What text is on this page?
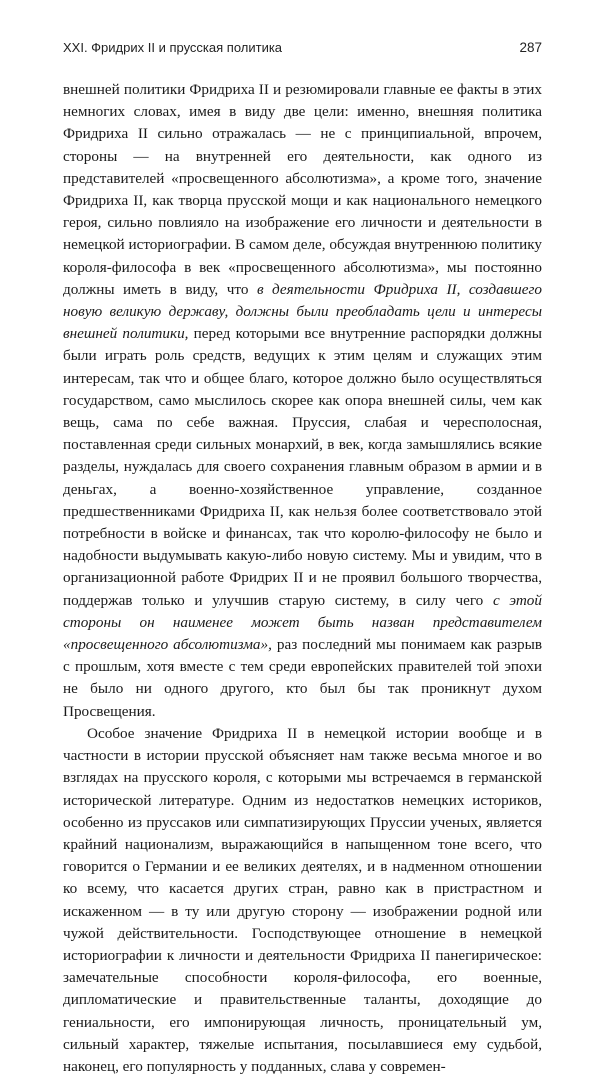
XXI. Фридрих II и прусская политика	287

внешней политики Фридриха II и резюмировали главные ее факты в этих немногих словах, имея в виду две цели: именно, внешняя политика Фридриха II сильно отражалась — не с принципиальной, впрочем, стороны — на внутренней его деятельности, как одного из представителей «просвещенного абсолютизма», а кроме того, значение Фридриха II, как творца прусской мощи и как национального немецкого героя, сильно повлияло на изображение его личности и деятельности в немецкой историографии. В самом деле, обсуждая внутреннюю политику короля-философа в век «просвещенного абсолютизма», мы постоянно должны иметь в виду, что в деятельности Фридриха II, создавшего новую великую державу, должны были преобладать цели и интересы внешней политики, перед которыми все внутренние распорядки должны были играть роль средств, ведущих к этим целям и служащих этим интересам, так что и общее благо, которое должно было осуществляться государством, само мыслилось скорее как опора внешней силы, чем как вещь, сама по себе важная. Пруссия, слабая и чересполосная, поставленная среди сильных монархий, в век, когда замышлялись всякие разделы, нуждалась для своего сохранения главным образом в армии и в деньгах, а военно-хозяйственное управление, созданное предшественниками Фридриха II, как нельзя более соответствовало этой потребности в войске и финансах, так что королю-философу не было и надобности выдумывать какую-либо новую систему. Мы и увидим, что в организационной работе Фридрих II и не проявил большого творчества, поддержав только и улучшив старую систему, в силу чего с этой стороны он наименее может быть назван представителем «просвещенного абсолютизма», раз последний мы понимаем как разрыв с прошлым, хотя вместе с тем среди европейских правителей той эпохи не было ни одного другого, кто был бы так проникнут духом Просвещения.

Особое значение Фридриха II в немецкой истории вообще и в частности в истории прусской объясняет нам также весьма многое и во взглядах на прусского короля, с которыми мы встречаемся в германской исторической литературе. Одним из недостатков немецких историков, особенно из пруссаков или симпатизирующих Пруссии ученых, является крайний национализм, выражающийся в напыщенном тоне всего, что говорится о Германии и ее великих деятелях, и в надменном отношении ко всему, что касается других стран, равно как в пристрастном и искаженном — в ту или другую сторону — изображении родной или чужой действительности. Господствующее отношение в немецкой историографии к личности и деятельности Фридриха II панегирическое: замечательные способности короля-философа, его военные, дипломатические и правительственные таланты, доходящие до гениальности, его импонирующая личность, проницательный ум, сильный характер, тяжелые испытания, посылавшиеся ему судьбой, наконец, его популярность у подданных, слава у современ-
